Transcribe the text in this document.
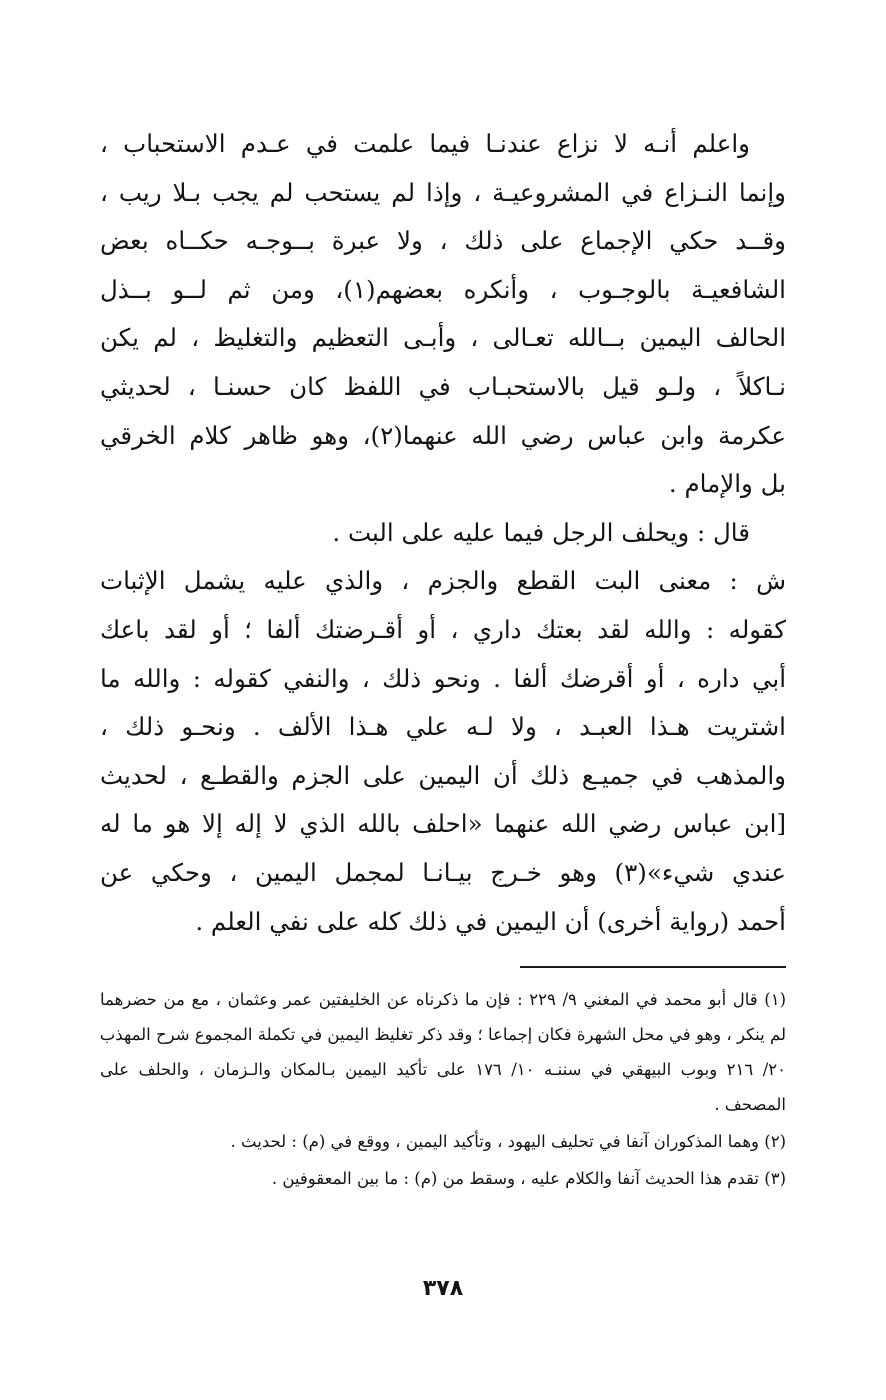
واعلم أنـه لا نزاع عندنـا فيما علمت في عـدم الاستحباب ،
وإنما النـزاع في المشروعيـة ، وإذا لم يستحب لم يجب بـلا ريب ،
وقــد حكي الإجماع على ذلك ، ولا عبرة بــوجـه حكــاه بعض
الشافعيـة بالوجـوب ، وأنكره بعضهم(١)، ومن ثم لــو بــذل
الحالف اليمين بــالله تعـالى ، وأبـى التعظيم والتغليظ ، لم يكن
نـاكلاً ، ولـو قيل بالاستحبـاب في اللفظ كان حسنـا ، لحديثي
عكرمة وابن عباس رضي الله عنهما(٢)، وهو ظاهر كلام الخرقي
بل والإمام .
قال : ويحلف الرجل فيما عليه على البت .
ش : معنى البت القطع والجزم ، والذي عليه يشمل الإثبات
كقوله : والله لقد بعتك داري ، أو أقـرضتك ألفا ؛ أو لقد باعك
أبي داره ، أو أقرضك ألفا . ونحو ذلك ، والنفي كقوله : والله ما
اشتريت هـذا العبـد ، ولا لـه علي هـذا الألف . ونحـو ذلك ،
والمذهب في جميـع ذلك أن اليمين على الجزم والقطـع ، لحديث
[ابن عباس رضي الله عنهما «احلف بالله الذي لا إله إلا هو ما له
عندي شيء»(٣) وهو خـرج بيـانـا لمجمل اليمين ، وحكي عن
أحمد (رواية أخرى) أن اليمين في ذلك كله على نفي العلم .
(١) قال أبو محمد في المغني ٩/ ٢٢٩ : فإن ما ذكرناه عن الخليفتين عمر وعثمان ، مع من حضرهما
لم ينكر ، وهو في محل الشهرة فكان إجماعا ؛ وقد ذكر تغليظ اليمين في تكملة المجموع شرح المهذب
٢٠/ ٢١٦ وبوب البيهقي في سننـه ١٠/ ١٧٦ على تأكيد اليمين بـالمكان والـزمان ، والحلف على
المصحف .
(٢) وهما المذكوران آنفا في تحليف اليهود ، وتأكيد اليمين ، ووقع في (م) : لحديث .
(٣) تقدم هذا الحديث آنفا والكلام عليه ، وسقط من (م) : ما بين المعقوفين .
٣٧٨
